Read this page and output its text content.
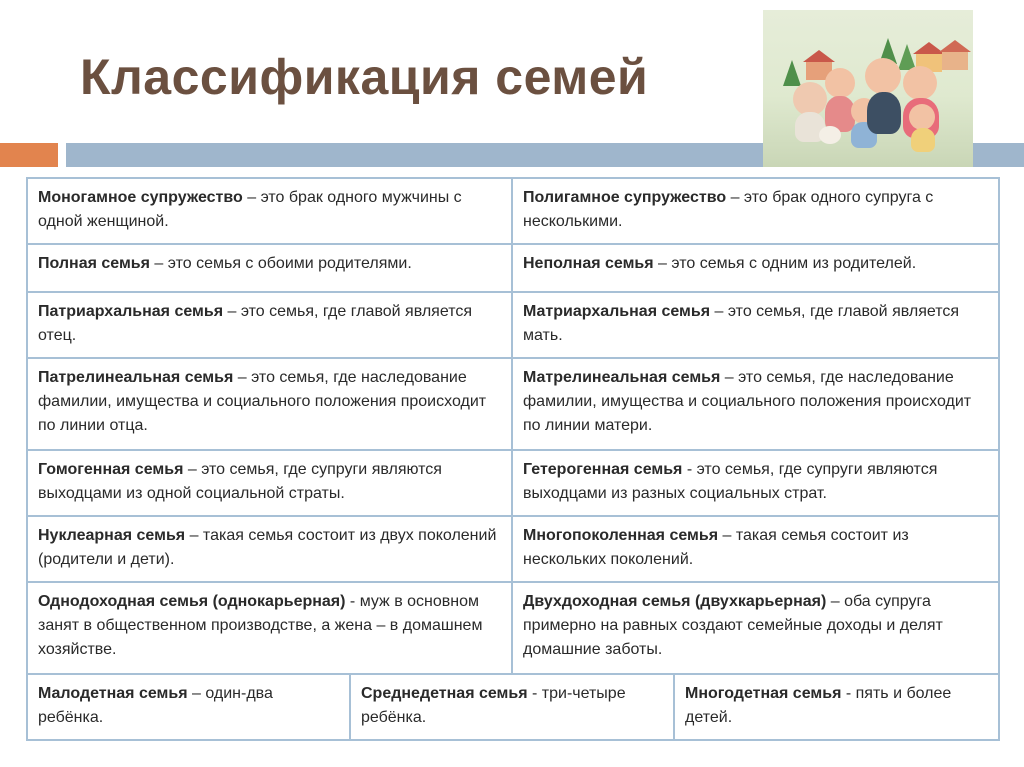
Классификация семей
Моногамное супружество – это брак одного мужчины с одной женщиной.		Полигамное супружество – это брак одного супруга с несколькими.	
Полная семья – это семья с обоими родителями.		Неполная семья – это семья с одним из родителей.	
Патриархальная семья – это семья, где главой является отец.		Матриархальная семья – это семья, где главой является мать.	
Патрелинеальная семья – это семья, где наследование фамилии, имущества и социального положения происходит по линии отца.		Матрелинеальная семья – это семья, где наследование фамилии, имущества и социального положения происходит по линии матери.	
Гомогенная семья – это семья, где супруги являются выходцами из одной социальной страты.		Гетерогенная семья - это семья, где супруги являются выходцами из разных социальных страт.	
Нуклеарная семья – такая семья состоит из двух поколений (родители и дети).		Многопоколенная семья – такая семья состоит из нескольких поколений.	
Однодоходная семья (однокарьерная) - муж в основном занят в общественном производстве, а жена – в домашнем хозяйстве.		Двухдоходная семья (двухкарьерная) – оба супруга примерно на равных создают семейные доходы и делят домашние заботы.	
Малодетная семья – один-два ребёнка.	Среднедетная семья - три-четыре ребёнка.		Многодетная семья - пять и более детей.
